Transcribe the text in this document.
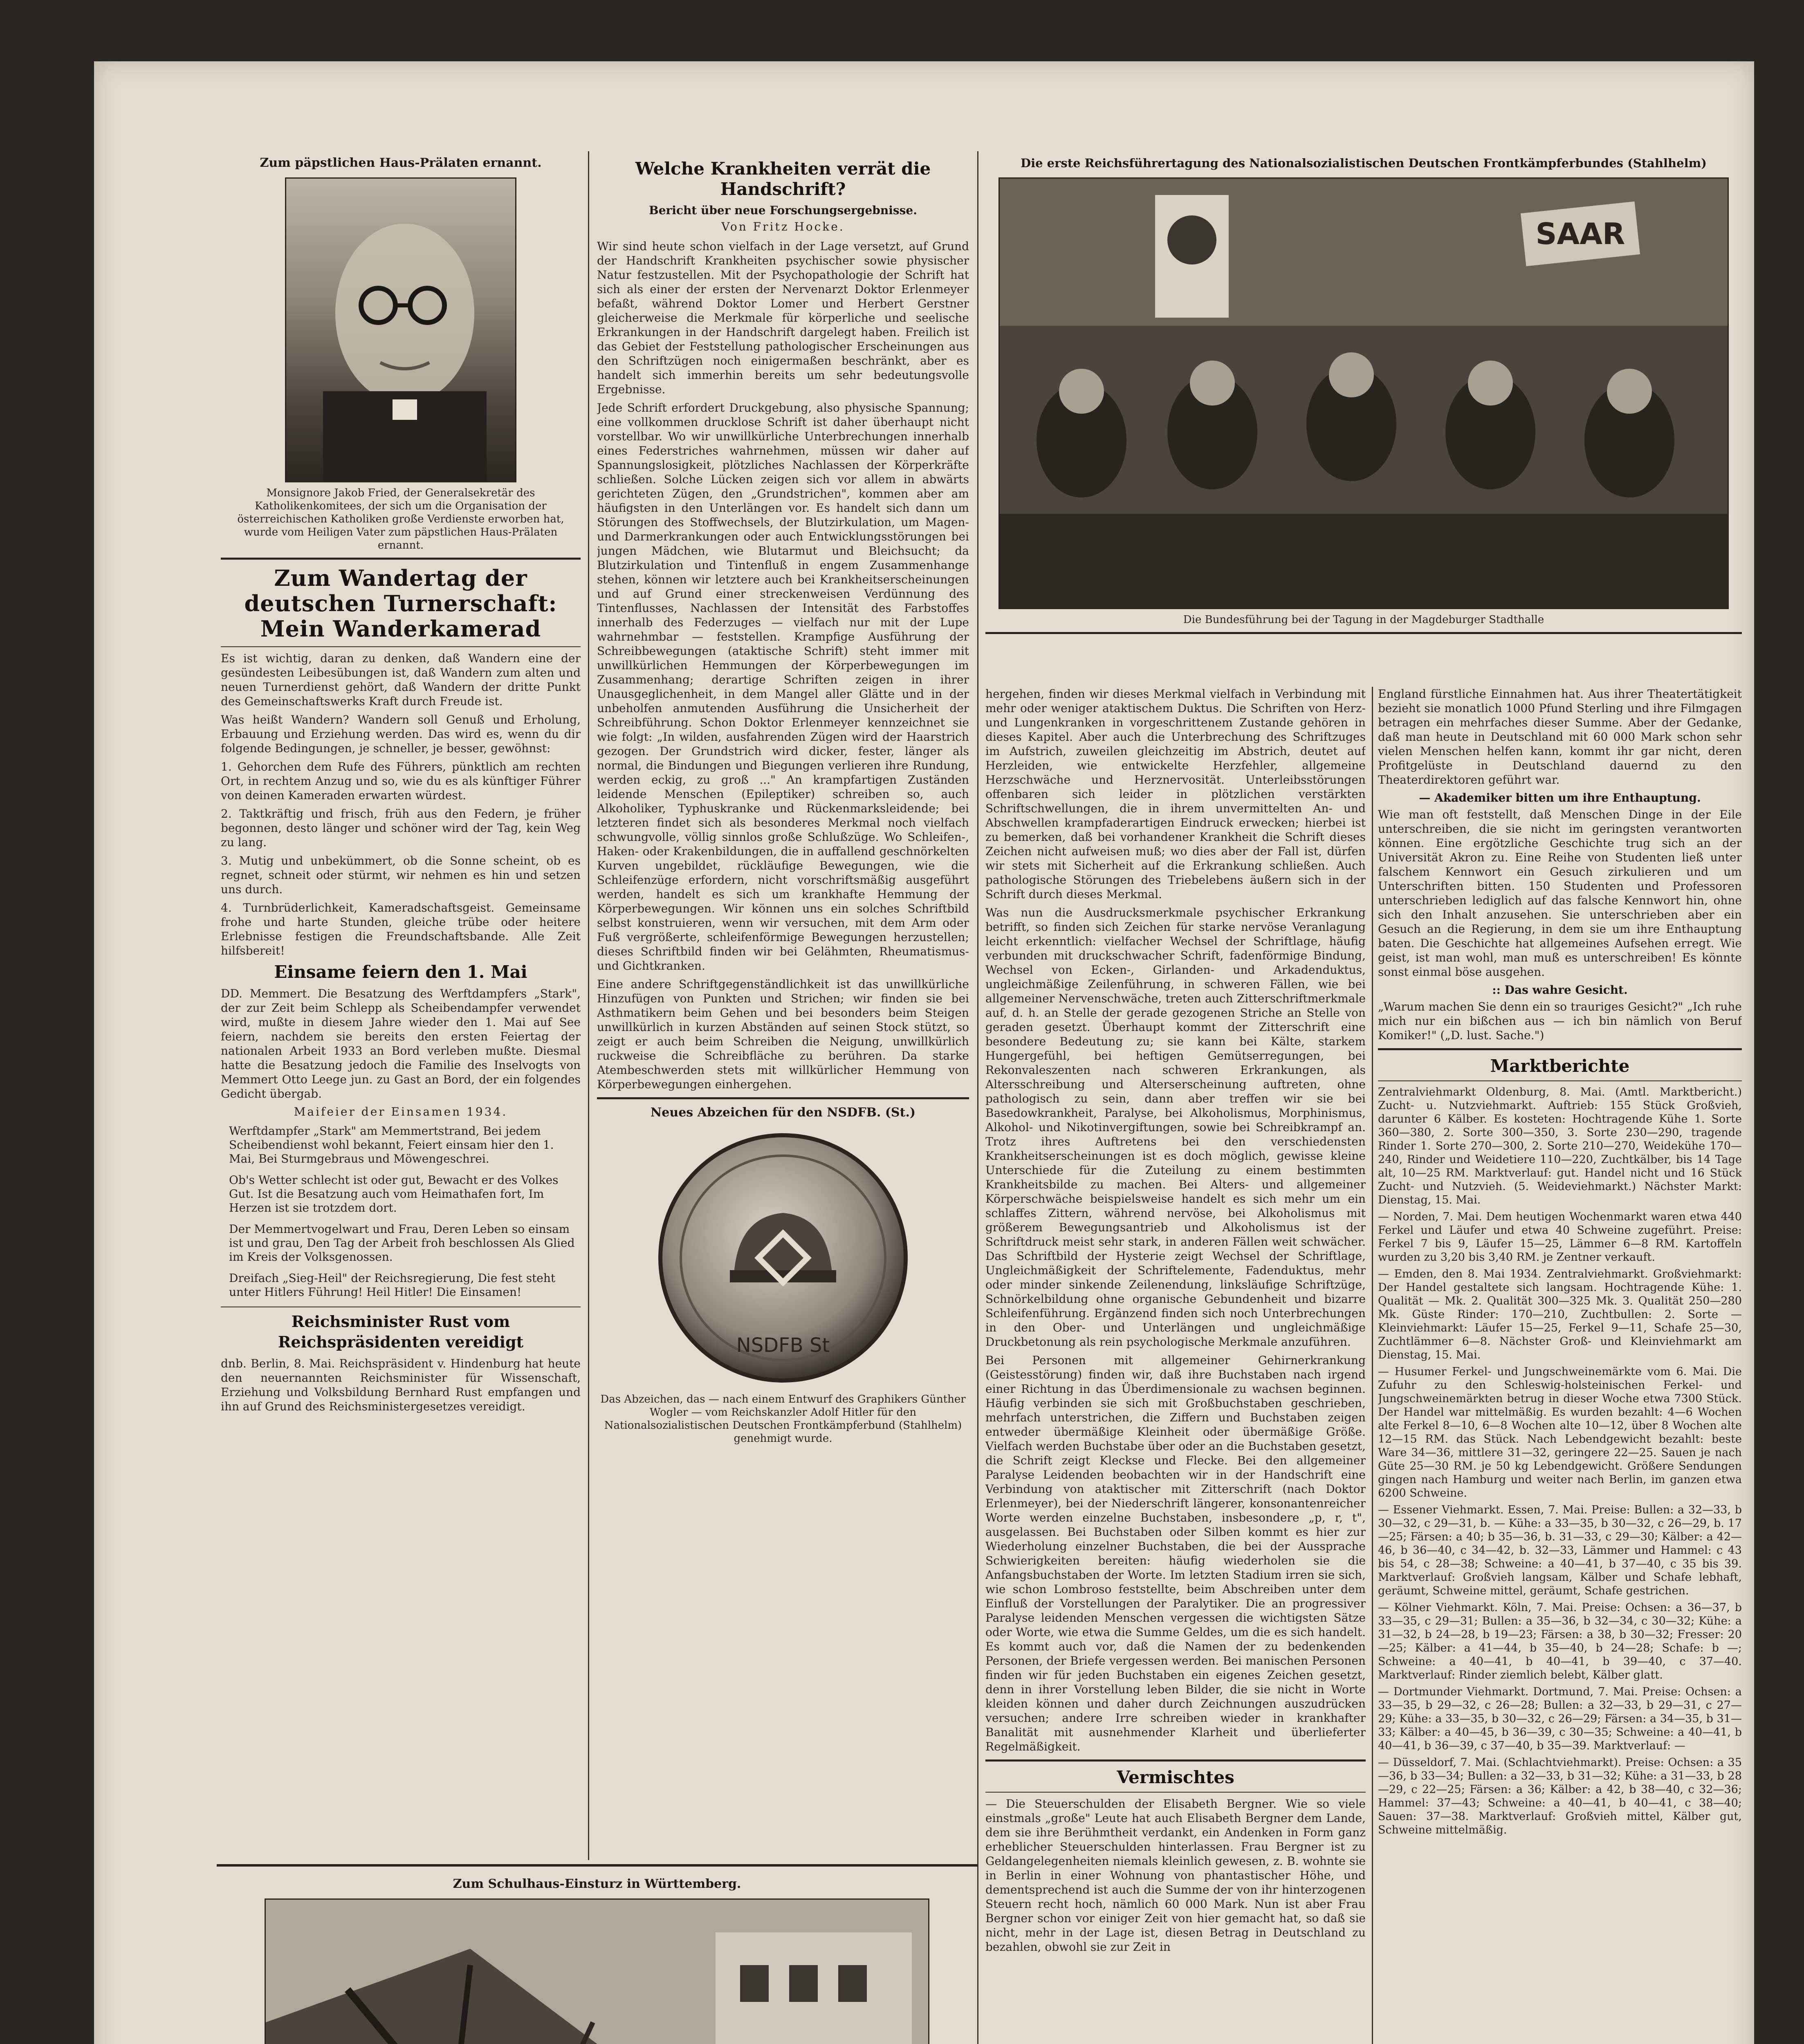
Zum päpstlichen Haus-Prälaten ernannt.

Monsignore Jakob Fried, der Generalsekretär des Katholikenkomitees, der sich um die Organisation der österreichischen Katholiken große Verdienste erworben hat, wurde vom Heiligen Vater zum päpstlichen Haus-Prälaten ernannt.

Zum Wandertag der deutschen Turnerschaft: Mein Wanderkamerad

Es ist wichtig, daran zu denken, daß Wandern eine der gesündesten Leibesübungen ist, daß Wandern zum alten und neuen Turnerdienst gehört, daß Wandern der dritte Punkt des Gemeinschaftswerks Kraft durch Freude ist.

Was heißt Wandern? Wandern soll Genuß und Erholung, Erbauung und Erziehung werden. Das wird es, wenn du dir folgende Bedingungen, je schneller, je besser, gewöhnst:

1. Gehorchen dem Rufe des Führers, pünktlich am rechten Ort, in rechtem Anzug und so, wie du es als künftiger Führer von deinen Kameraden erwarten würdest.

2. Taktkräftig und frisch, früh aus den Federn, je früher begonnen, desto länger und schöner wird der Tag, kein Weg zu lang.

3. Mutig und unbekümmert, ob die Sonne scheint, ob es regnet, schneit oder stürmt, wir nehmen es hin und setzen uns durch.

4. Turnbrüderlichkeit, Kameradschaftsgeist. Gemeinsame frohe und harte Stunden, gleiche trübe oder heitere Erlebnisse festigen die Freundschaftsbande. Alle Zeit hilfsbereit!

Einsame feiern den 1. Mai

DD. Memmert. Die Besatzung des Werftdampfers „Stark", der zur Zeit beim Schlepp als Scheibendampfer verwendet wird, mußte in diesem Jahre wieder den 1. Mai auf See feiern, nachdem sie bereits den ersten Feiertag der nationalen Arbeit 1933 an Bord verleben mußte. Diesmal hatte die Besatzung jedoch die Familie des Inselvogts von Memmert Otto Leege jun. zu Gast an Bord, der ein folgendes Gedicht übergab.

Maifeier der Einsamen 1934.

Werftdampfer „Stark" am Memmertstrand, Bei jedem Scheibendienst wohl bekannt, Feiert einsam hier den 1. Mai, Bei Sturmgebraus und Möwengeschrei.

Ob's Wetter schlecht ist oder gut, Bewacht er des Volkes Gut. Ist die Besatzung auch vom Heimathafen fort, Im Herzen ist sie trotzdem dort.

Der Memmertvogelwart und Frau, Deren Leben so einsam ist und grau, Den Tag der Arbeit froh beschlossen Als Glied im Kreis der Volksgenossen.

Dreifach „Sieg-Heil" der Reichsregierung, Die fest steht unter Hitlers Führung! Heil Hitler! Die Einsamen!

Reichsminister Rust vom Reichspräsidenten vereidigt

dnb. Berlin, 8. Mai. Reichspräsident v. Hindenburg hat heute den neuernannten Reichsminister für Wissenschaft, Erziehung und Volksbildung Bernhard Rust empfangen und ihn auf Grund des Reichsministergesetzes vereidigt.

Welche Krankheiten verrät die Handschrift?
Bericht über neue Forschungsergebnisse.
Von Fritz Hocke.

Wir sind heute schon vielfach in der Lage versetzt, auf Grund der Handschrift Krankheiten psychischer sowie physischer Natur festzustellen. Mit der Psychopathologie der Schrift hat sich als einer der ersten der Nervenarzt Doktor Erlenmeyer befaßt, während Doktor Lomer und Herbert Gerstner gleicherweise die Merkmale für körperliche und seelische Erkrankungen in der Handschrift dargelegt haben. Freilich ist das Gebiet der Feststellung pathologischer Erscheinungen aus den Schriftzügen noch einigermaßen beschränkt, aber es handelt sich immerhin bereits um sehr bedeutungsvolle Ergebnisse.

Jede Schrift erfordert Druckgebung, also physische Spannung; eine vollkommen drucklose Schrift ist daher überhaupt nicht vorstellbar. Wo wir unwillkürliche Unterbrechungen innerhalb eines Federstriches wahrnehmen, müssen wir daher auf Spannungslosigkeit, plötzliches Nachlassen der Körperkräfte schließen. Solche Lücken zeigen sich vor allem in abwärts gerichteten Zügen, den „Grundstrichen", kommen aber am häufigsten in den Unterlängen vor. Es handelt sich dann um Störungen des Stoffwechsels, der Blutzirkulation, um Magen- und Darmerkrankungen oder auch Entwicklungsstörungen bei jungen Mädchen, wie Blutarmut und Bleichsucht; da Blutzirkulation und Tintenfluß in engem Zusammenhange stehen, können wir letztere auch bei Krankheitserscheinungen und auf Grund einer streckenweisen Verdünnung des Tintenflusses, Nachlassen der Intensität des Farbstoffes innerhalb des Federzuges — vielfach nur mit der Lupe wahrnehmbar — feststellen. Krampfige Ausführung der Schreibbewegungen (ataktische Schrift) steht immer mit unwillkürlichen Hemmungen der Körperbewegungen im Zusammenhang; derartige Schriften zeigen in ihrer Unausgeglichenheit, in dem Mangel aller Glätte und in der unbeholfen anmutenden Ausführung die Unsicherheit der Schreibführung. Schon Doktor Erlenmeyer kennzeichnet sie wie folgt: „In wilden, ausfahrenden Zügen wird der Haarstrich gezogen. Der Grundstrich wird dicker, fester, länger als normal, die Bindungen und Biegungen verlieren ihre Rundung, werden eckig, zu groß ..." An krampfartigen Zuständen leidende Menschen (Epileptiker) schreiben so, auch Alkoholiker, Typhuskranke und Rückenmarksleidende; bei letzteren findet sich als besonderes Merkmal noch vielfach schwungvolle, völlig sinnlos große Schlußzüge. Wo Schleifen-, Haken- oder Krakenbildungen, die in auffallend geschnörkelten Kurven ungebildet, rückläufige Bewegungen, wie die Schleifenzüge erfordern, nicht vorschriftsmäßig ausgeführt werden, handelt es sich um krankhafte Hemmung der Körperbewegungen. Wir können uns ein solches Schriftbild selbst konstruieren, wenn wir versuchen, mit dem Arm oder Fuß vergrößerte, schleifenförmige Bewegungen herzustellen; dieses Schriftbild finden wir bei Gelähmten, Rheumatismus- und Gichtkranken.

Eine andere Schriftgegenständlichkeit ist das unwillkürliche Hinzufügen von Punkten und Strichen; wir finden sie bei Asthmatikern beim Gehen und bei besonders beim Steigen unwillkürlich in kurzen Abständen auf seinen Stock stützt, so zeigt er auch beim Schreiben die Neigung, unwillkürlich ruckweise die Schreibfläche zu berühren. Da starke Atembeschwerden stets mit willkürlicher Hemmung von Körperbewegungen einhergehen.

Neues Abzeichen für den NSDFB. (St.)
NSDFB St

Das Abzeichen, das — nach einem Entwurf des Graphikers Günther Wogler — vom Reichskanzler Adolf Hitler für den Nationalsozialistischen Deutschen Frontkämpferbund (Stahlhelm) genehmigt wurde.

Zum Schulhaus-Einsturz in Württemberg.

Die erste Reichsführertagung des Nationalsozialistischen Deutschen Frontkämpferbundes (Stahlhelm)
SAAR

Die Bundesführung bei der Tagung in der Magdeburger Stadthalle

hergehen, finden wir dieses Merkmal vielfach in Verbindung mit mehr oder weniger ataktischem Duktus. Die Schriften von Herz- und Lungenkranken in vorgeschrittenem Zustande gehören in dieses Kapitel. Aber auch die Unterbrechung des Schriftzuges im Aufstrich, zuweilen gleichzeitig im Abstrich, deutet auf Herzleiden, wie entwickelte Herzfehler, allgemeine Herzschwäche und Herznervosität. Unterleibsstörungen offenbaren sich leider in plötzlichen verstärkten Schriftschwellungen, die in ihrem unvermittelten An- und Abschwellen krampfaderartigen Eindruck erwecken; hierbei ist zu bemerken, daß bei vorhandener Krankheit die Schrift dieses Zeichen nicht aufweisen muß; wo dies aber der Fall ist, dürfen wir stets mit Sicherheit auf die Erkrankung schließen. Auch pathologische Störungen des Triebelebens äußern sich in der Schrift durch dieses Merkmal.

Was nun die Ausdrucksmerkmale psychischer Erkrankung betrifft, so finden sich Zeichen für starke nervöse Veranlagung leicht erkenntlich: vielfacher Wechsel der Schriftlage, häufig verbunden mit druckschwacher Schrift, fadenförmige Bindung, Wechsel von Ecken-, Girlanden- und Arkadenduktus, ungleichmäßige Zeilenführung, in schweren Fällen, wie bei allgemeiner Nervenschwäche, treten auch Zitterschriftmerkmale auf, d. h. an Stelle der gerade gezogenen Striche an Stelle von geraden gesetzt. Überhaupt kommt der Zitterschrift eine besondere Bedeutung zu; sie kann bei Kälte, starkem Hungergefühl, bei heftigen Gemütserregungen, bei Rekonvaleszenten nach schweren Erkrankungen, als Altersschreibung und Alterserscheinung auftreten, ohne pathologisch zu sein, dann aber treffen wir sie bei Basedowkrankheit, Paralyse, bei Alkoholismus, Morphinismus, Alkohol- und Nikotinvergiftungen, sowie bei Schreibkrampf an. Trotz ihres Auftretens bei den verschiedensten Krankheitserscheinungen ist es doch möglich, gewisse kleine Unterschiede für die Zuteilung zu einem bestimmten Krankheitsbilde zu machen. Bei Alters- und allgemeiner Körperschwäche beispielsweise handelt es sich mehr um ein schlaffes Zittern, während nervöse, bei Alkoholismus mit größerem Bewegungsantrieb und Alkoholismus ist der Schriftdruck meist sehr stark, in anderen Fällen weit schwächer. Das Schriftbild der Hysterie zeigt Wechsel der Schriftlage, Ungleichmäßigkeit der Schriftelemente, Fadenduktus, mehr oder minder sinkende Zeilenendung, linksläufige Schriftzüge, Schnörkelbildung ohne organische Gebundenheit und bizarre Schleifenführung. Ergänzend finden sich noch Unterbrechungen in den Ober- und Unterlängen und ungleichmäßige Druckbetonung als rein psychologische Merkmale anzuführen.

Bei Personen mit allgemeiner Gehirnerkrankung (Geistesstörung) finden wir, daß ihre Buchstaben nach irgend einer Richtung in das Überdimensionale zu wachsen beginnen. Häufig verbinden sie sich mit Großbuchstaben geschrieben, mehrfach unterstrichen, die Ziffern und Buchstaben zeigen entweder übermäßige Kleinheit oder übermäßige Größe. Vielfach werden Buchstabe über oder an die Buchstaben gesetzt, die Schrift zeigt Kleckse und Flecke. Bei den allgemeiner Paralyse Leidenden beobachten wir in der Handschrift eine Verbindung von ataktischer mit Zitterschrift (nach Doktor Erlenmeyer), bei der Niederschrift längerer, konsonantenreicher Worte werden einzelne Buchstaben, insbesondere „p, r, t", ausgelassen. Bei Buchstaben oder Silben kommt es hier zur Wiederholung einzelner Buchstaben, die bei der Aussprache Schwierigkeiten bereiten: häufig wiederholen sie die Anfangsbuchstaben der Worte. Im letzten Stadium irren sie sich, wie schon Lombroso feststellte, beim Abschreiben unter dem Einfluß der Vorstellungen der Paralytiker. Die an progressiver Paralyse leidenden Menschen vergessen die wichtigsten Sätze oder Worte, wie etwa die Summe Geldes, um die es sich handelt. Es kommt auch vor, daß die Namen der zu bedenkenden Personen, der Briefe vergessen werden. Bei manischen Personen finden wir für jeden Buchstaben ein eigenes Zeichen gesetzt, denn in ihrer Vorstellung leben Bilder, die sie nicht in Worte kleiden können und daher durch Zeichnungen auszudrücken versuchen; andere Irre schreiben wieder in krankhafter Banalität mit ausnehmender Klarheit und überlieferter Regelmäßigkeit.

Vermischtes

— Die Steuerschulden der Elisabeth Bergner. Wie so viele einstmals „große" Leute hat auch Elisabeth Bergner dem Lande, dem sie ihre Berühmtheit verdankt, ein Andenken in Form ganz erheblicher Steuerschulden hinterlassen. Frau Bergner ist zu Geldangelegenheiten niemals kleinlich gewesen, z. B. wohnte sie in Berlin in einer Wohnung von phantastischer Höhe, und dementsprechend ist auch die Summe der von ihr hinterzogenen Steuern recht hoch, nämlich 60 000 Mark. Nun ist aber Frau Bergner schon vor einiger Zeit von hier gemacht hat, so daß sie nicht, mehr in der Lage ist, diesen Betrag in Deutschland zu bezahlen, obwohl sie zur Zeit in

England fürstliche Einnahmen hat. Aus ihrer Theatertätigkeit bezieht sie monatlich 1000 Pfund Sterling und ihre Filmgagen betragen ein mehrfaches dieser Summe. Aber der Gedanke, daß man heute in Deutschland mit 60 000 Mark schon sehr vielen Menschen helfen kann, kommt ihr gar nicht, deren Profitgelüste in Deutschland dauernd zu den Theaterdirektoren geführt war.

— Akademiker bitten um ihre Enthauptung.

Wie man oft feststellt, daß Menschen Dinge in der Eile unterschreiben, die sie nicht im geringsten verantworten können. Eine ergötzliche Geschichte trug sich an der Universität Akron zu. Eine Reihe von Studenten ließ unter falschem Kennwort ein Gesuch zirkulieren und um Unterschriften bitten. 150 Studenten und Professoren unterschrieben lediglich auf das falsche Kennwort hin, ohne sich den Inhalt anzusehen. Sie unterschrieben aber ein Gesuch an die Regierung, in dem sie um ihre Enthauptung baten. Die Geschichte hat allgemeines Aufsehen erregt. Wie geist, ist man wohl, man muß es unterschreiben! Es könnte sonst einmal böse ausgehen.

:: Das wahre Gesicht.

„Warum machen Sie denn ein so trauriges Gesicht?" „Ich ruhe mich nur ein bißchen aus — ich bin nämlich von Beruf Komiker!" („D. lust. Sache.")

Marktberichte

Zentralviehmarkt Oldenburg, 8. Mai. (Amtl. Marktbericht.) Zucht- u. Nutzviehmarkt. Auftrieb: 155 Stück Großvieh, darunter 6 Kälber. Es kosteten: Hochtragende Kühe 1. Sorte 360—380, 2. Sorte 300—350, 3. Sorte 230—290, tragende Rinder 1. Sorte 270—300, 2. Sorte 210—270, Weidekühe 170—240, Rinder und Weidetiere 110—220, Zuchtkälber, bis 14 Tage alt, 10—25 RM. Marktverlauf: gut. Handel nicht und 16 Stück Zucht- und Nutzvieh. (5. Weideviehmarkt.) Nächster Markt: Dienstag, 15. Mai.

— Norden, 7. Mai. Dem heutigen Wochenmarkt waren etwa 440 Ferkel und Läufer und etwa 40 Schweine zugeführt. Preise: Ferkel 7 bis 9, Läufer 15—25, Lämmer 6—8 RM. Kartoffeln wurden zu 3,20 bis 3,40 RM. je Zentner verkauft.

— Emden, den 8. Mai 1934. Zentralviehmarkt. Großviehmarkt: Der Handel gestaltete sich langsam. Hochtragende Kühe: 1. Qualität — Mk. 2. Qualität 300—325 Mk. 3. Qualität 250—280 Mk. Güste Rinder: 170—210, Zuchtbullen: 2. Sorte — Kleinviehmarkt: Läufer 15—25, Ferkel 9—11, Schafe 25—30, Zuchtlämmer 6—8. Nächster Groß- und Kleinviehmarkt am Dienstag, 15. Mai.

— Husumer Ferkel- und Jungschweinemärkte vom 6. Mai. Die Zufuhr zu den Schleswig-holsteinischen Ferkel- und Jungschweinemärkten betrug in dieser Woche etwa 7300 Stück. Der Handel war mittelmäßig. Es wurden bezahlt: 4—6 Wochen alte Ferkel 8—10, 6—8 Wochen alte 10—12, über 8 Wochen alte 12—15 RM. das Stück. Nach Lebendgewicht bezahlt: beste Ware 34—36, mittlere 31—32, geringere 22—25. Sauen je nach Güte 25—30 RM. je 50 kg Lebendgewicht. Größere Sendungen gingen nach Hamburg und weiter nach Berlin, im ganzen etwa 6200 Schweine.

— Essener Viehmarkt. Essen, 7. Mai. Preise: Bullen: a 32—33, b 30—32, c 29—31, b. — Kühe: a 33—35, b 30—32, c 26—29, b. 17—25; Färsen: a 40; b 35—36, b. 31—33, c 29—30; Kälber: a 42—46, b 36—40, c 34—42, b. 32—33, Lämmer und Hammel: c 43 bis 54, c 28—38; Schweine: a 40—41, b 37—40, c 35 bis 39. Marktverlauf: Großvieh langsam, Kälber und Schafe lebhaft, geräumt, Schweine mittel, geräumt, Schafe gestrichen.

— Kölner Viehmarkt. Köln, 7. Mai. Preise: Ochsen: a 36—37, b 33—35, c 29—31; Bullen: a 35—36, b 32—34, c 30—32; Kühe: a 31—32, b 24—28, b 19—23; Färsen: a 38, b 30—32; Fresser: 20—25; Kälber: a 41—44, b 35—40, b 24—28; Schafe: b —; Schweine: a 40—41, b 40—41, b 39—40, c 37—40. Marktverlauf: Rinder ziemlich belebt, Kälber glatt.

— Dortmunder Viehmarkt. Dortmund, 7. Mai. Preise: Ochsen: a 33—35, b 29—32, c 26—28; Bullen: a 32—33, b 29—31, c 27—29; Kühe: a 33—35, b 30—32, c 26—29; Färsen: a 34—35, b 31—33; Kälber: a 40—45, b 36—39, c 30—35; Schweine: a 40—41, b 40—41, b 36—39, c 37—40, b 35—39. Marktverlauf: —

— Düsseldorf, 7. Mai. (Schlachtviehmarkt). Preise: Ochsen: a 35—36, b 33—34; Bullen: a 32—33, b 31—32; Kühe: a 31—33, b 28—29, c 22—25; Färsen: a 36; Kälber: a 42, b 38—40, c 32—36; Hammel: 37—43; Schweine: a 40—41, b 40—41, c 38—40; Sauen: 37—38. Marktverlauf: Großvieh mittel, Kälber gut, Schweine mittelmäßig.
